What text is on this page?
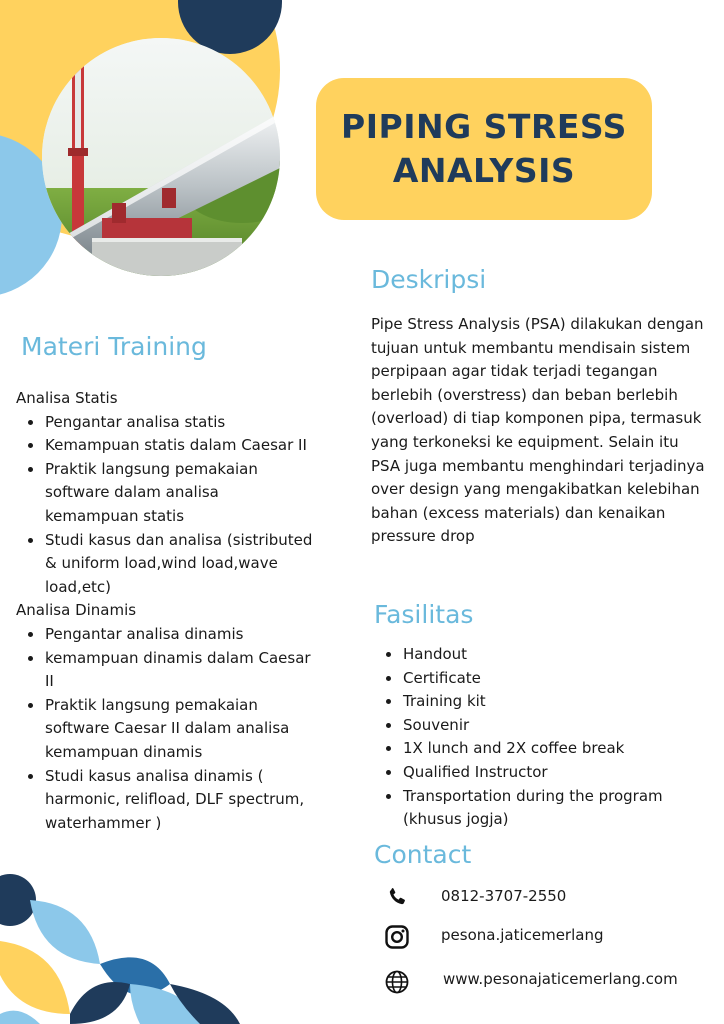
PIPING STRESS
ANALYSIS
Deskripsi

Pipe Stress Analysis (PSA) dilakukan dengan tujuan untuk membantu mendisain sistem perpipaan agar tidak terjadi tegangan berlebih (overstress) dan beban berlebih (overload) di tiap komponen pipa, termasuk yang terkoneksi ke equipment. Selain itu PSA juga membantu menghindari terjadinya over design yang mengakibatkan kelebihan bahan (excess materials) dan kenaikan pressure drop

Materi Training
Analisa Statis
Pengantar analisa statis
Kemampuan statis dalam Caesar II
Praktik langsung pemakaian software dalam analisa kemampuan statis
Studi kasus dan analisa (sistributed & uniform load,wind load,wave load,etc)
Analisa Dinamis
Pengantar analisa dinamis
kemampuan dinamis dalam Caesar II
Praktik langsung pemakaian software Caesar II dalam analisa kemampuan dinamis
Studi kasus analisa dinamis ( harmonic, relifload, DLF spectrum, waterhammer )
Fasilitas
Handout
Certificate
Training kit
Souvenir
1X lunch and 2X coffee break
Qualified Instructor
Transportation during the program (khusus jogja)
Contact
0812-3707-2550
pesona.jaticemerlang
www.pesonajaticemerlang.com
